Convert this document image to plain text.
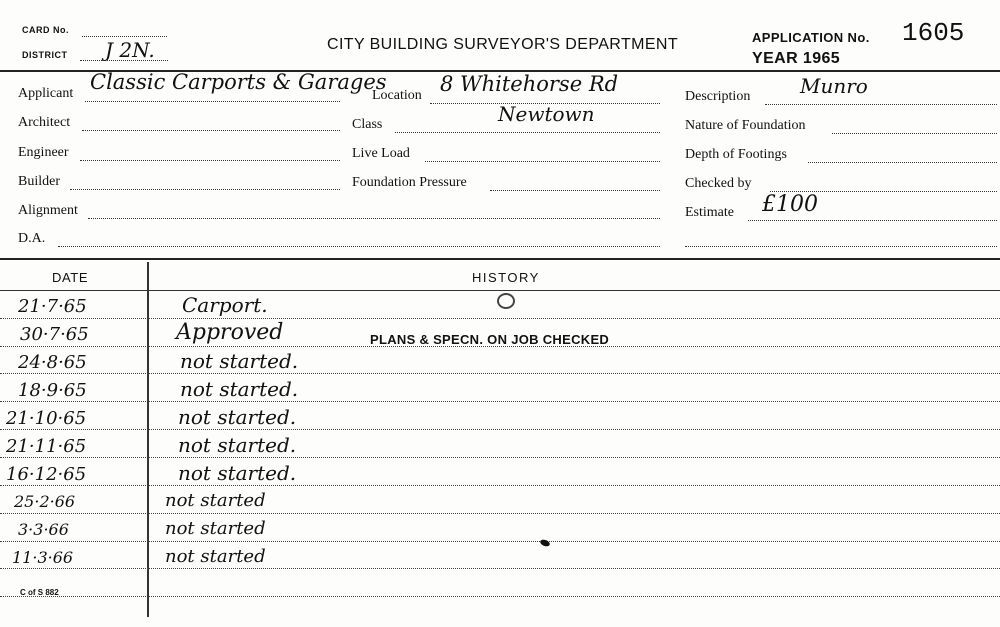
CARD No.
DISTRICT J 2N.	CITY BUILDING SURVEYOR'S DEPARTMENT	APPLICATION No. 1605
YEAR 1965
Applicant Classic Carports & Garages
Architect
Engineer
Builder
Alignment
D.A.
Location 8 Whitehorse Rd
Class	Newtown
Live Load
Foundation Pressure
Description Munro
Nature of Foundation
Depth of Footings
Checked by
Estimate £100
DATE	HISTORY
21·7·65	Carport.
30·7·65	Approved	PLANS & SPECN. ON JOB CHECKED
24·8·65	not started.
18·9·65	not started.
21·10·65	not started.
21·11·65	not started.
16·12·65	not started.
25·2·66	not started
3·3·66	not started
11·3·66	not started
C of S 882
